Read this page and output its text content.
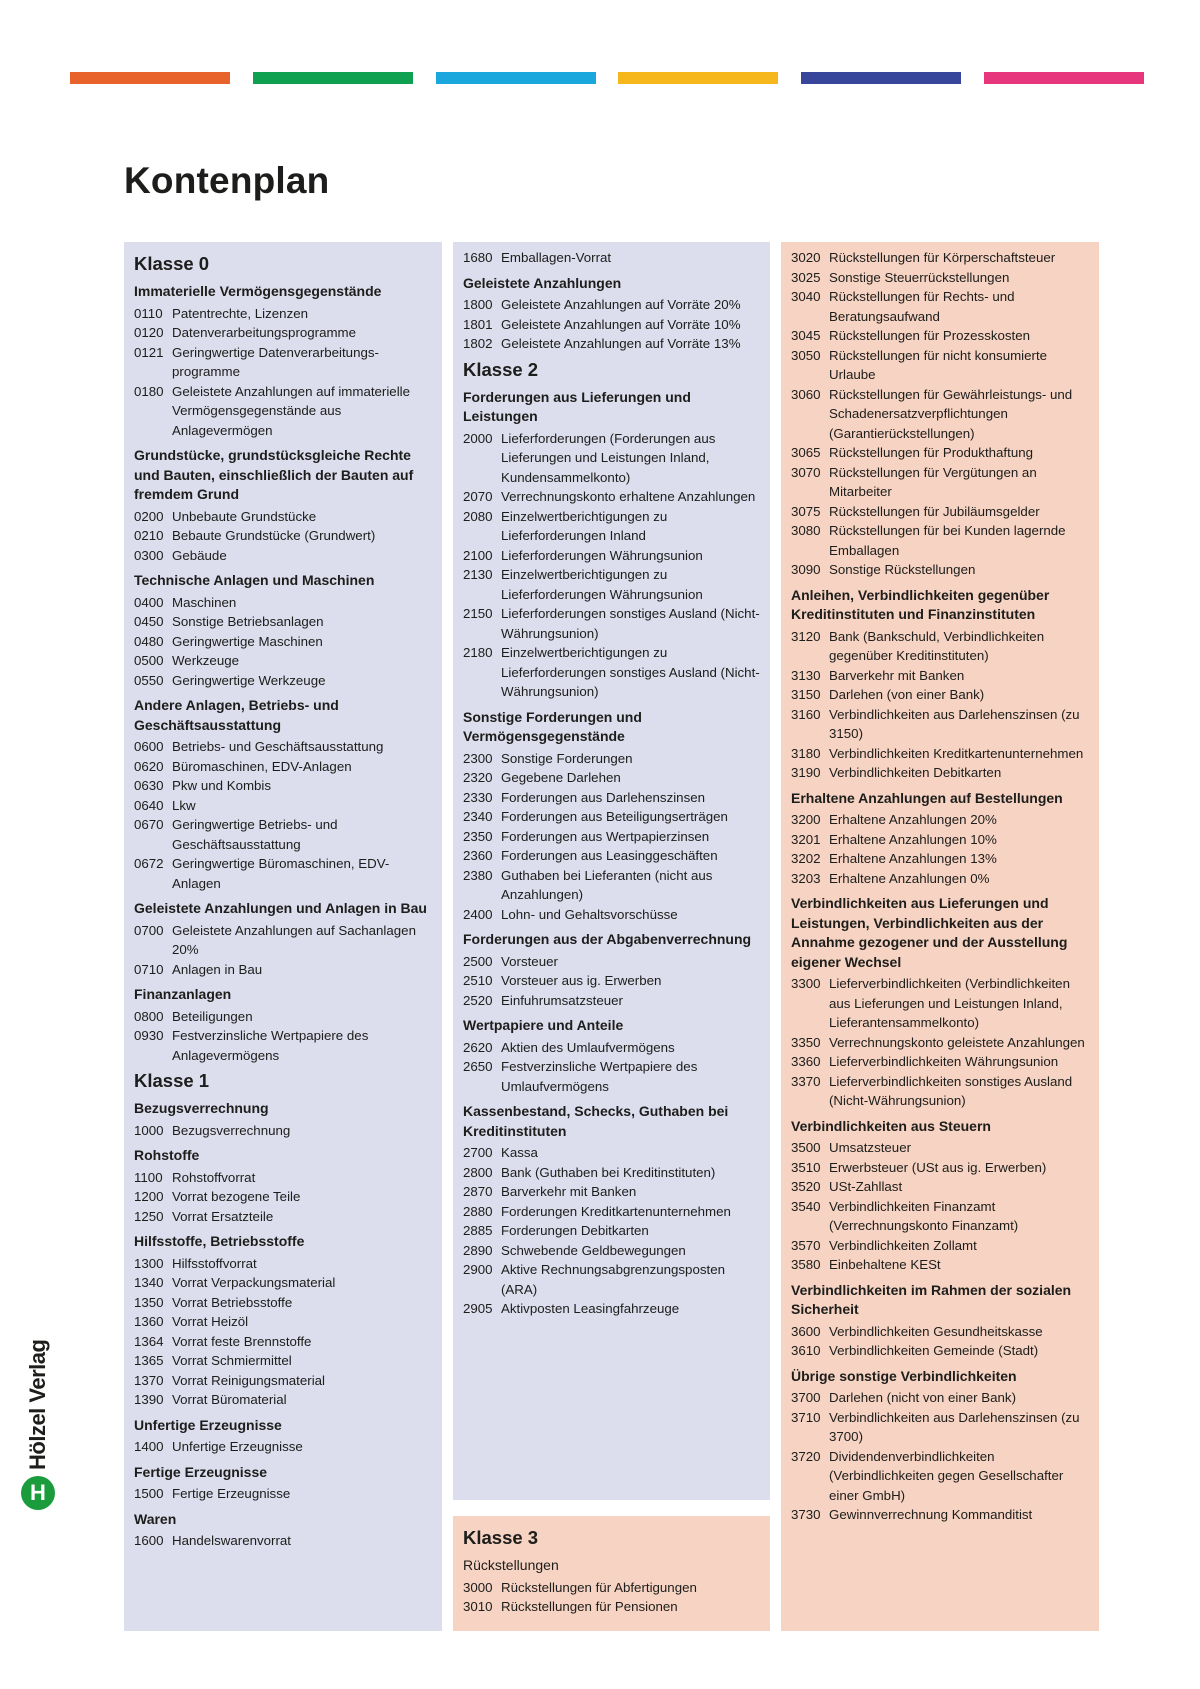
Kontenplan
Klasse 0
Immaterielle Vermögensgegenstände
0110 Patentrechte, Lizenzen
0120 Datenverarbeitungsprogramme
0121 Geringwertige Datenverarbeitungs-programme
0180 Geleistete Anzahlungen auf immaterielle Vermögensgegenstände aus Anlagevermögen
Grundstücke, grundstücksgleiche Rechte und Bauten, einschließlich der Bauten auf fremdem Grund
0200 Unbebaute Grundstücke
0210 Bebaute Grundstücke (Grundwert)
0300 Gebäude
Technische Anlagen und Maschinen
0400 Maschinen
0450 Sonstige Betriebsanlagen
0480 Geringwertige Maschinen
0500 Werkzeuge
0550 Geringwertige Werkzeuge
Andere Anlagen, Betriebs- und Geschäftsausstattung
0600 Betriebs- und Geschäftsausstattung
0620 Büromaschinen, EDV-Anlagen
0630 Pkw und Kombis
0640 Lkw
0670 Geringwertige Betriebs- und Geschäftsausstattung
0672 Geringwertige Büromaschinen, EDV-Anlagen
Geleistete Anzahlungen und Anlagen in Bau
0700 Geleistete Anzahlungen auf Sachanlagen 20%
0710 Anlagen in Bau
Finanzanlagen
0800 Beteiligungen
0930 Festverzinsliche Wertpapiere des Anlagevermögens
Klasse 1
Bezugsverrechnung
1000 Bezugsverrechnung
Rohstoffe
1100 Rohstoffvorrat
1200 Vorrat bezogene Teile
1250 Vorrat Ersatzteile
Hilfsstoffe, Betriebsstoffe
1300 Hilfsstoffvorrat
1340 Vorrat Verpackungsmaterial
1350 Vorrat Betriebsstoffe
1360 Vorrat Heizöl
1364 Vorrat feste Brennstoffe
1365 Vorrat Schmiermittel
1370 Vorrat Reinigungsmaterial
1390 Vorrat Büromaterial
Unfertige Erzeugnisse
1400 Unfertige Erzeugnisse
Fertige Erzeugnisse
1500 Fertige Erzeugnisse
Waren
1600 Handelswarenvorrat
1680 Emballagen-Vorrat
Geleistete Anzahlungen
1800 Geleistete Anzahlungen auf Vorräte 20%
1801 Geleistete Anzahlungen auf Vorräte 10%
1802 Geleistete Anzahlungen auf Vorräte 13%
Klasse 2
Forderungen aus Lieferungen und Leistungen
2000 Lieferforderungen (Forderungen aus Lieferungen und Leistungen Inland, Kundensammelkonto)
2070 Verrechnungskonto erhaltene Anzahlungen
2080 Einzelwertberichtigungen zu Lieferforderungen Inland
2100 Lieferforderungen Währungsunion
2130 Einzelwertberichtigungen zu Lieferforderungen Währungsunion
2150 Lieferforderungen sonstiges Ausland (Nicht-Währungsunion)
2180 Einzelwertberichtigungen zu Lieferforderungen sonstiges Ausland (Nicht-Währungsunion)
Sonstige Forderungen und Vermögensgegenstände
2300 Sonstige Forderungen
2320 Gegebene Darlehen
2330 Forderungen aus Darlehenszinsen
2340 Forderungen aus Beteiligungserträgen
2350 Forderungen aus Wertpapierzinsen
2360 Forderungen aus Leasinggeschäften
2380 Guthaben bei Lieferanten (nicht aus Anzahlungen)
2400 Lohn- und Gehaltsvorschüsse
Forderungen aus der Abgabenverrechnung
2500 Vorsteuer
2510 Vorsteuer aus ig. Erwerben
2520 Einfuhrumsatzsteuer
Wertpapiere und Anteile
2620 Aktien des Umlaufvermögens
2650 Festverzinsliche Wertpapiere des Umlaufvermögens
Kassenbestand, Schecks, Guthaben bei Kreditinstituten
2700 Kassa
2800 Bank (Guthaben bei Kreditinstituten)
2870 Barverkehr mit Banken
2880 Forderungen Kreditkartenunternehmen
2885 Forderungen Debitkarten
2890 Schwebende Geldbewegungen
2900 Aktive Rechnungsabgrenzungsposten (ARA)
2905 Aktivposten Leasingfahrzeuge
Klasse 3
Rückstellungen
3000 Rückstellungen für Abfertigungen
3010 Rückstellungen für Pensionen
3020 Rückstellungen für Körperschaftsteuer
3025 Sonstige Steuerrückstellungen
3040 Rückstellungen für Rechts- und Beratungsaufwand
3045 Rückstellungen für Prozesskosten
3050 Rückstellungen für nicht konsumierte Urlaube
3060 Rückstellungen für Gewährleistungs- und Schadenersatzverpflichtungen (Garantierückstellungen)
3065 Rückstellungen für Produkthaftung
3070 Rückstellungen für Vergütungen an Mitarbeiter
3075 Rückstellungen für Jubiläumsgelder
3080 Rückstellungen für bei Kunden lagernde Emballagen
3090 Sonstige Rückstellungen
Anleihen, Verbindlichkeiten gegenüber Kreditinstituten und Finanzinstituten
3120 Bank (Bankschuld, Verbindlichkeiten gegenüber Kreditinstituten)
3130 Barverkehr mit Banken
3150 Darlehen (von einer Bank)
3160 Verbindlichkeiten aus Darlehenszinsen (zu 3150)
3180 Verbindlichkeiten Kreditkartenunternehmen
3190 Verbindlichkeiten Debitkarten
Erhaltene Anzahlungen auf Bestellungen
3200 Erhaltene Anzahlungen 20%
3201 Erhaltene Anzahlungen 10%
3202 Erhaltene Anzahlungen 13%
3203 Erhaltene Anzahlungen 0%
Verbindlichkeiten aus Lieferungen und Leistungen, Verbindlichkeiten aus der Annahme gezogener und der Ausstellung eigener Wechsel
3300 Lieferverbindlichkeiten (Verbindlichkeiten aus Lieferungen und Leistungen Inland, Lieferantensammelkonto)
3350 Verrechnungskonto geleistete Anzahlungen
3360 Lieferverbindlichkeiten Währungsunion
3370 Lieferverbindlichkeiten sonstiges Ausland (Nicht-Währungsunion)
Verbindlichkeiten aus Steuern
3500 Umsatzsteuer
3510 Erwerbsteuer (USt aus ig. Erwerben)
3520 USt-Zahllast
3540 Verbindlichkeiten Finanzamt (Verrechnungskonto Finanzamt)
3570 Verbindlichkeiten Zollamt
3580 Einbehaltene KESt
Verbindlichkeiten im Rahmen der sozialen Sicherheit
3600 Verbindlichkeiten Gesundheitskasse
3610 Verbindlichkeiten Gemeinde (Stadt)
Übrige sonstige Verbindlichkeiten
3700 Darlehen (nicht von einer Bank)
3710 Verbindlichkeiten aus Darlehenszinsen (zu 3700)
3720 Dividendenverbindlichkeiten (Verbindlichkeiten gegen Gesellschafter einer GmbH)
3730 Gewinnverrechnung Kommanditist
H
Hölzel Verlag
